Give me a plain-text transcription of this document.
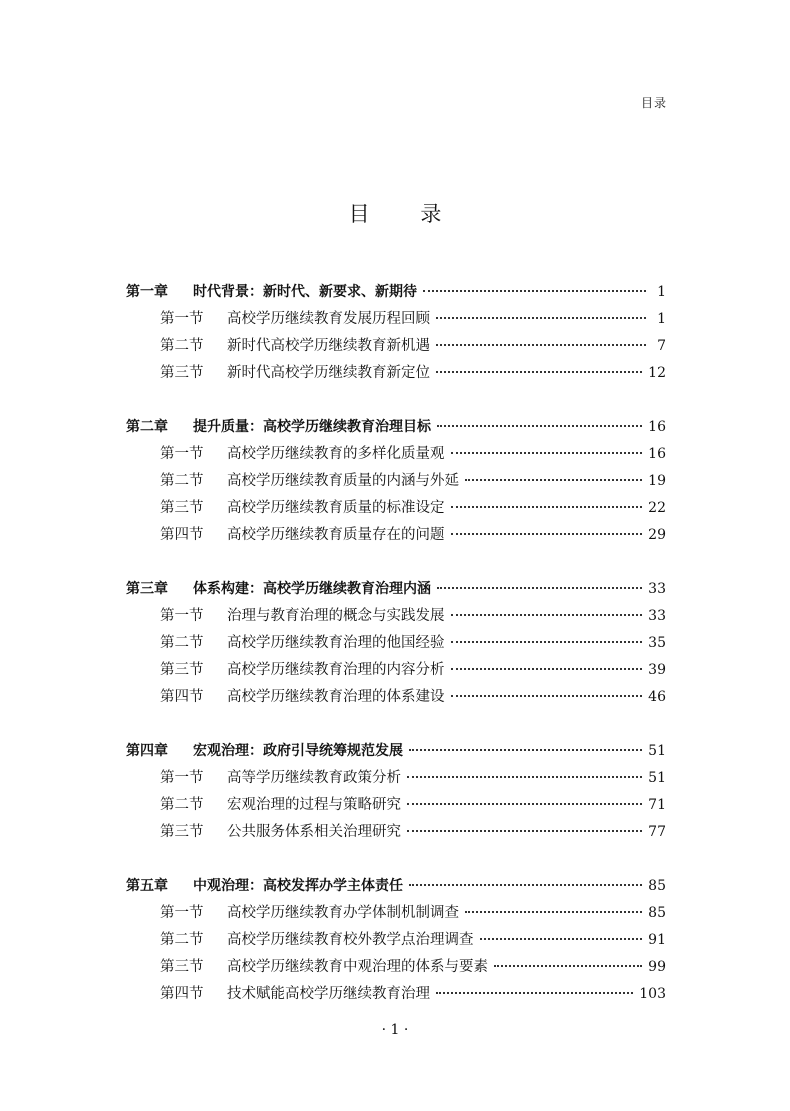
目录
目 录
第一章	时代背景：新时代、新要求、新期待	1
第一节	高校学历继续教育发展历程回顾	1
第二节	新时代高校学历继续教育新机遇	7
第三节	新时代高校学历继续教育新定位	12
第二章	提升质量：高校学历继续教育治理目标	16
第一节	高校学历继续教育的多样化质量观	16
第二节	高校学历继续教育质量的内涵与外延	19
第三节	高校学历继续教育质量的标准设定	22
第四节	高校学历继续教育质量存在的问题	29
第三章	体系构建：高校学历继续教育治理内涵	33
第一节	治理与教育治理的概念与实践发展	33
第二节	高校学历继续教育治理的他国经验	35
第三节	高校学历继续教育治理的内容分析	39
第四节	高校学历继续教育治理的体系建设	46
第四章	宏观治理：政府引导统筹规范发展	51
第一节	高等学历继续教育政策分析	51
第二节	宏观治理的过程与策略研究	71
第三节	公共服务体系相关治理研究	77
第五章	中观治理：高校发挥办学主体责任	85
第一节	高校学历继续教育办学体制机制调查	85
第二节	高校学历继续教育校外教学点治理调查	91
第三节	高校学历继续教育中观治理的体系与要素	99
第四节	技术赋能高校学历继续教育治理	103
· 1 ·
